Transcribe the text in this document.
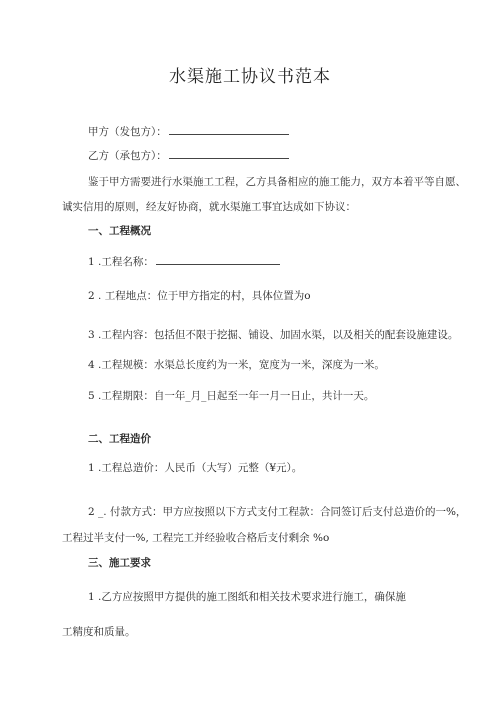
水渠施工协议书范本
甲方（发包方）：
乙方（承包方）：
鉴于甲方需要进行水渠施工工程，乙方具备相应的施工能力，双方本着平等自愿、
诚实信用的原则，经友好协商，就水渠施工事宜达成如下协议：
一、工程概况
1 .工程名称：
2 . 工程地点：位于甲方指定的村，具体位置为o
3 .工程内容：包括但不限于挖掘、铺设、加固水渠，以及相关的配套设施建设。
4 .工程规模：水渠总长度约为一米，宽度为一米，深度为一米。
5 .工程期限：自一年_月_日起至一年一月一日止，共计一天。
二、工程造价
1 .工程总造价：人民币（大写）元整（¥元）。
2 _. 付款方式：甲方应按照以下方式支付工程款：合同签订后支付总造价的一%，
工程过半支付一%, 工程完工并经验收合格后支付剩余 %o
三、施工要求
1 .乙方应按照甲方提供的施工图纸和相关技术要求进行施工，确保施
工精度和质量。
